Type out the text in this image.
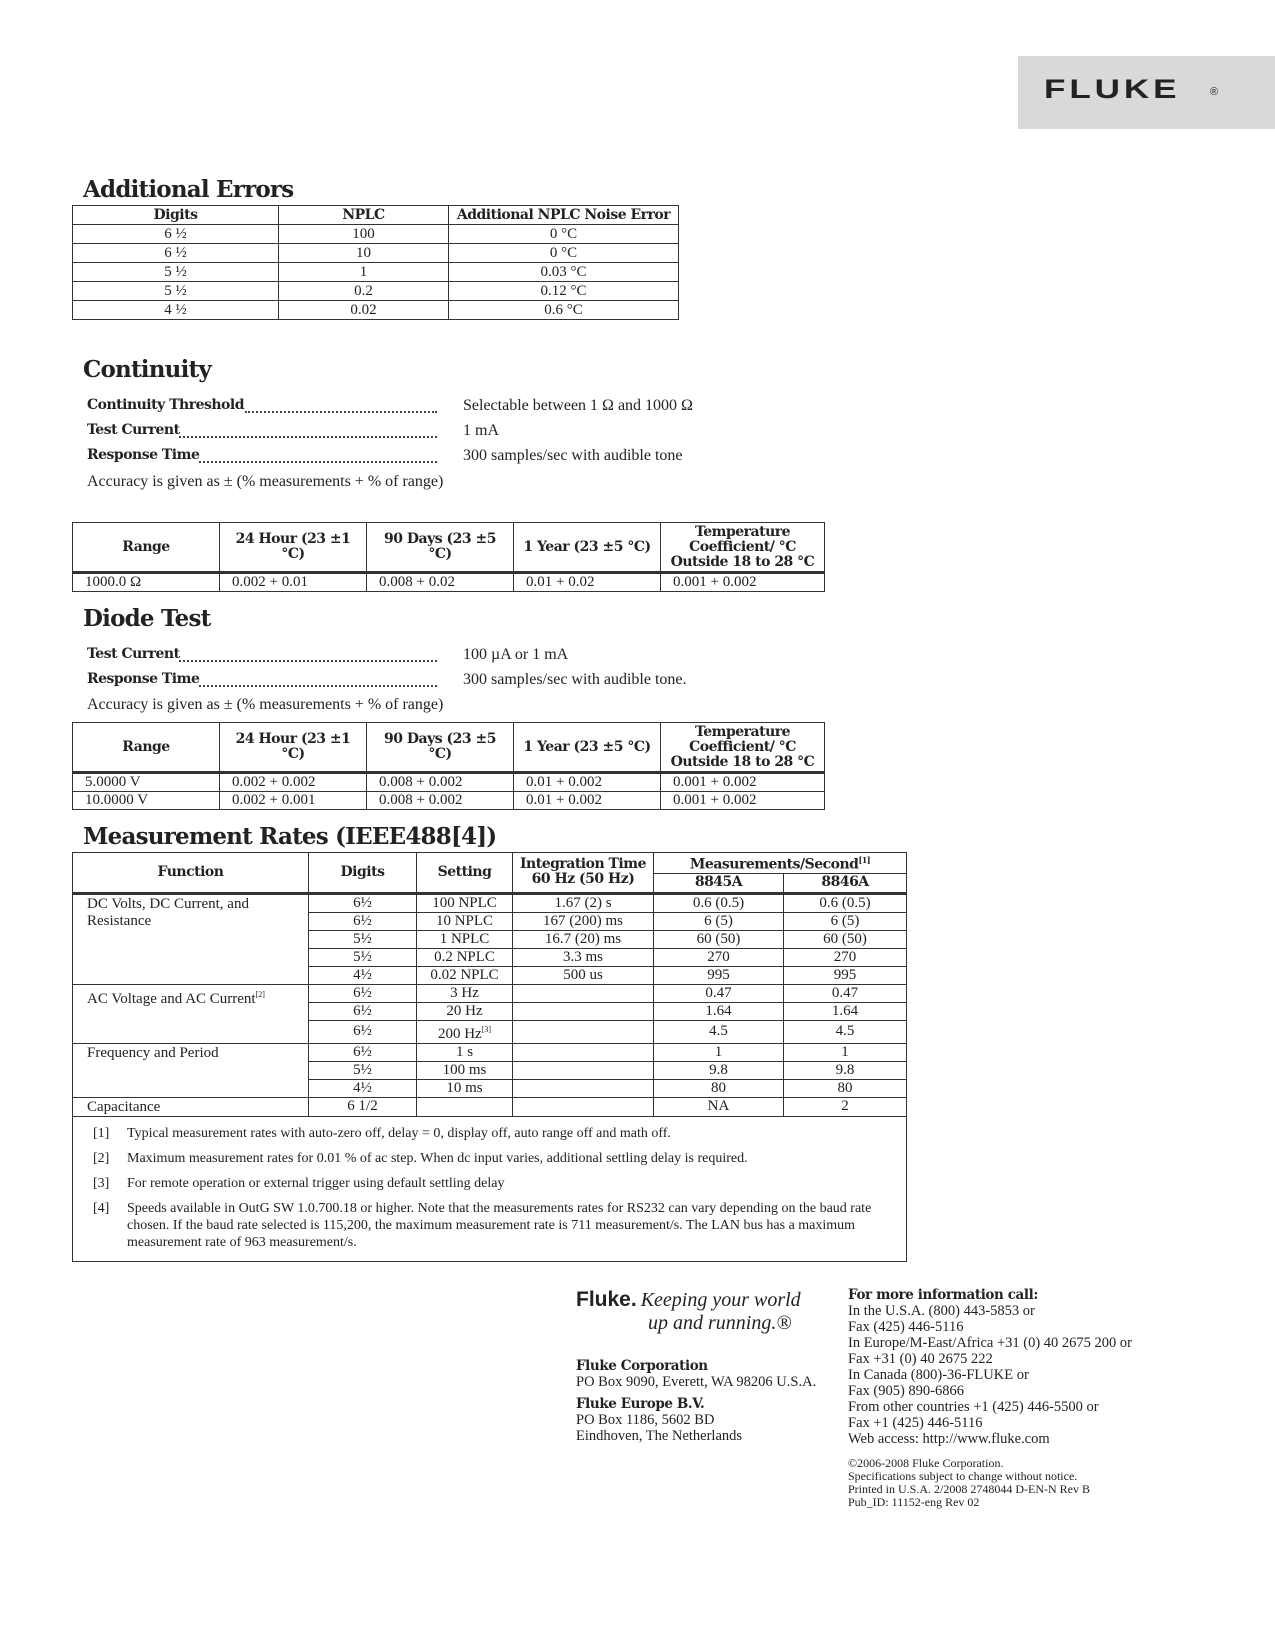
FLUKE	®
Additional Errors
Digits	NPLC	Additional NPLC Noise Error
6 ½	100	0 °C
6 ½	10	0 °C
5 ½	1	0.03 °C
5 ½	0.2	0.12 °C
4 ½	0.02	0.6 °C
Continuity
Continuity Threshold	Selectable between 1 Ω and 1000 Ω
Test Current	1 mA
Response Time	300 samples/sec with audible tone
Accuracy is given as ± (% measurements + % of range)
Range	24 Hour (23 ±1 °C)	90 Days (23 ±5 °C)	1 Year (23 ±5 °C)	Temperature Coefficient/ °C Outside 18 to 28 °C
1000.0 Ω	0.002 + 0.01	0.008 + 0.02	0.01 + 0.02	0.001 + 0.002
Diode Test
Test Current	100 µA or 1 mA
Response Time	300 samples/sec with audible tone.
Accuracy is given as ± (% measurements + % of range)
Range	24 Hour (23 ±1 °C)	90 Days (23 ±5 °C)	1 Year (23 ±5 °C)	Temperature Coefficient/ °C Outside 18 to 28 °C
5.0000 V	0.002 + 0.002	0.008 + 0.002	0.01 + 0.002	0.001 + 0.002
10.0000 V	0.002 + 0.001	0.008 + 0.002	0.01 + 0.002	0.001 + 0.002
Measurement Rates (IEEE488[4])
Function	Digits	Setting	Integration Time 60 Hz (50 Hz)	Measurements/Second[1]
8845A	8846A
DC Volts, DC Current, and Resistance	6½	100 NPLC	1.67 (2) s	0.6 (0.5)	0.6 (0.5)
6½	10 NPLC	167 (200) ms	6 (5)	6 (5)
5½	1 NPLC	16.7 (20) ms	60 (50)	60 (50)
5½	0.2 NPLC	3.3 ms	270	270
4½	0.02 NPLC	500 us	995	995
AC Voltage and AC Current[2]	6½	3 Hz		0.47	0.47
6½	20 Hz		1.64	1.64
6½	200 Hz[3]		4.5	4.5
Frequency and Period	6½	1 s		1	1
5½	100 ms		9.8	9.8
4½	10 ms		80	80
Capacitance	6 1/2			NA	2

[1]	Typical measurement rates with auto-zero off, delay = 0, display off, auto range off and math off.
[2]	Maximum measurement rates for 0.01 % of ac step. When dc input varies, additional settling delay is required.
[3]	For remote operation or external trigger using default settling delay
[4]	Speeds available in OutG SW 1.0.700.18 or higher. Note that the measurements rates for RS232 can vary depending on the baud rate chosen. If the baud rate selected is 115,200, the maximum measurement rate is 711 measurement/s. The LAN bus has a maximum measurement rate of 963 measurement/s.
Fluke. Keeping your world
up and running.®
Fluke Corporation
PO Box 9090, Everett, WA 98206 U.S.A.

Fluke Europe B.V.
PO Box 1186, 5602 BD
Eindhoven, The Netherlands
For more information call:
In the U.S.A. (800) 443-5853 or
Fax (425) 446-5116
In Europe/M-East/Africa +31 (0) 40 2675 200 or
Fax +31 (0) 40 2675 222
In Canada (800)-36-FLUKE or
Fax (905) 890-6866
From other countries +1 (425) 446-5500 or
Fax +1 (425) 446-5116
Web access: http://www.fluke.com
©2006-2008 Fluke Corporation.
Specifications subject to change without notice.
Printed in U.S.A. 2/2008 2748044 D-EN-N Rev B
Pub_ID: 11152-eng Rev 02
